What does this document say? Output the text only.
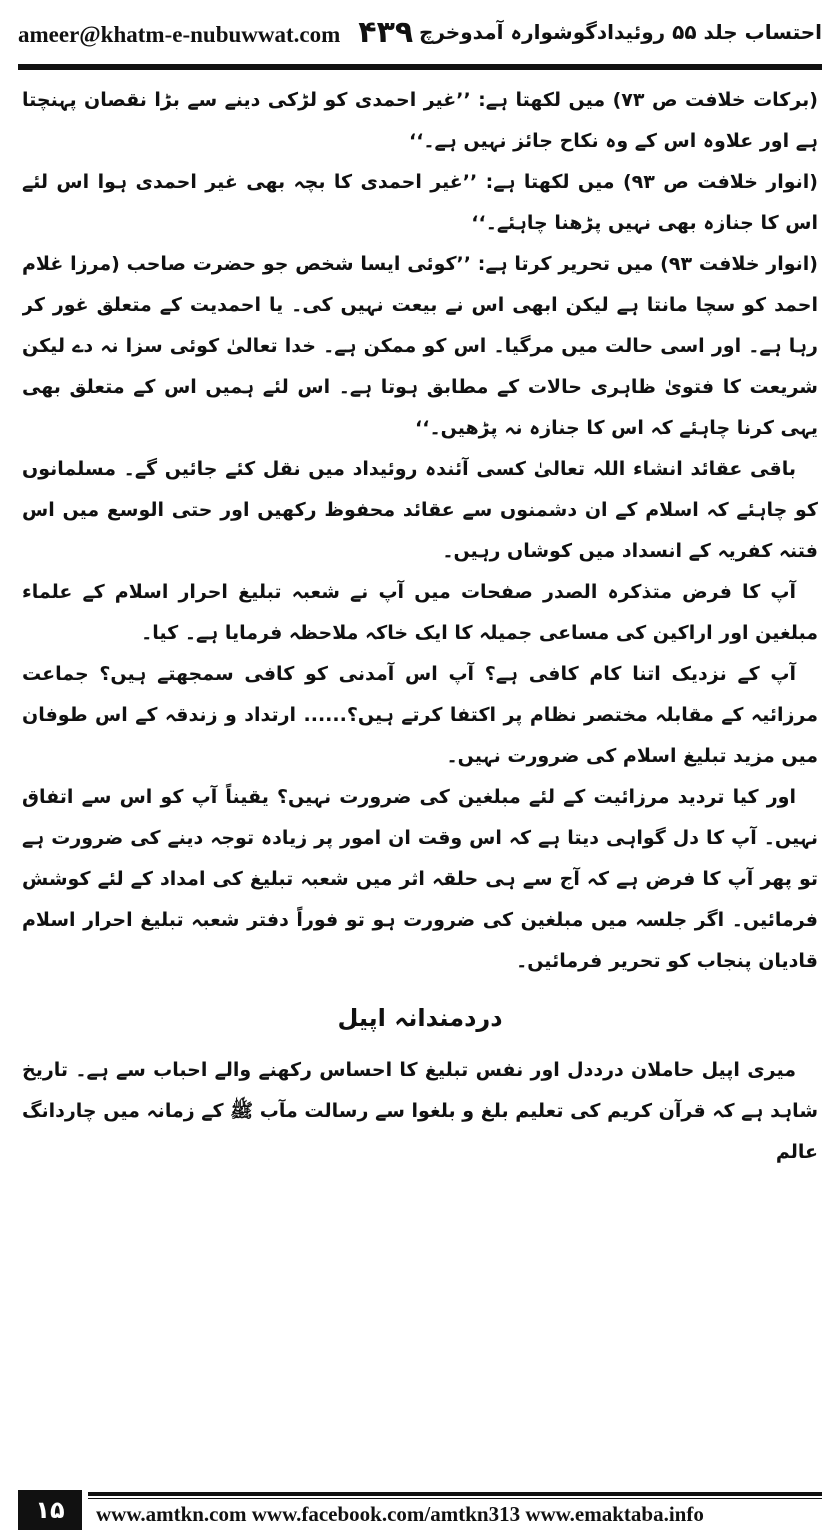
ameer@khatm-e-nubuwwat.com ۴۳۹ احتساب جلد ۵۵ روئیدادگوشوارہ آمدوخرچ

(برکات خلافت ص ۷۳) میں لکھتا ہے: ’’غیر احمدی کو لڑکی دینے سے بڑا نقصان پہنچتا ہے اور علاوہ اس کے وہ نکاح جائز نہیں ہے۔‘‘

(انوار خلافت ص ۹۳) میں لکھتا ہے: ’’غیر احمدی کا بچہ بھی غیر احمدی ہوا اس لئے اس کا جنازہ بھی نہیں پڑھنا چاہئے۔‘‘

(انوار خلافت ۹۳) میں تحریر کرتا ہے: ’’کوئی ایسا شخص جو حضرت صاحب (مرزا غلام احمد کو سچا مانتا ہے لیکن ابھی اس نے بیعت نہیں کی۔ یا احمدیت کے متعلق غور کر رہا ہے۔ اور اسی حالت میں مرگیا۔ اس کو ممکن ہے۔ خدا تعالیٰ کوئی سزا نہ دے لیکن شریعت کا فتویٰ ظاہری حالات کے مطابق ہوتا ہے۔ اس لئے ہمیں اس کے متعلق بھی یہی کرنا چاہئے کہ اس کا جنازہ نہ پڑھیں۔‘‘

باقی عقائد انشاء اللہ تعالیٰ کسی آئندہ روئیداد میں نقل کئے جائیں گے۔ مسلمانوں کو چاہئے کہ اسلام کے ان دشمنوں سے عقائد محفوظ رکھیں اور حتی الوسع میں اس فتنہ کفریہ کے انسداد میں کوشاں رہیں۔

آپ کا فرض متذکرہ الصدر صفحات میں آپ نے شعبہ تبلیغ احرار اسلام کے علماء مبلغین اور اراکین کی مساعی جمیلہ کا ایک خاکہ ملاحظہ فرمایا ہے۔ کیا۔

آپ کے نزدیک اتنا کام کافی ہے؟ آپ اس آمدنی کو کافی سمجھتے ہیں؟ جماعت مرزائیہ کے مقابلہ مختصر نظام پر اکتفا کرتے ہیں؟...... ارتداد و زندقہ کے اس طوفان میں مزید تبلیغ اسلام کی ضرورت نہیں۔

اور کیا تردید مرزائیت کے لئے مبلغین کی ضرورت نہیں؟ یقیناً آپ کو اس سے اتفاق نہیں۔ آپ کا دل گواہی دیتا ہے کہ اس وقت ان امور پر زیادہ توجہ دینے کی ضرورت ہے تو پھر آپ کا فرض ہے کہ آج سے ہی حلقہ اثر میں شعبہ تبلیغ کی امداد کے لئے کوشش فرمائیں۔ اگر جلسہ میں مبلغین کی ضرورت ہو تو فوراً دفتر شعبہ تبلیغ احرار اسلام قادیان پنجاب کو تحریر فرمائیں۔

دردمندانہ اپیل

میری اپیل حاملان درددل اور نفس تبلیغ کا احساس رکھنے والے احباب سے ہے۔ تاریخ شاہد ہے کہ قرآن کریم کی تعلیم بلغ و بلغوا سے رسالت مآب ﷺ کے زمانہ میں چاردانگ عالم

۱۵	www.amtkn.com www.facebook.com/amtkn313 www.emaktaba.info
